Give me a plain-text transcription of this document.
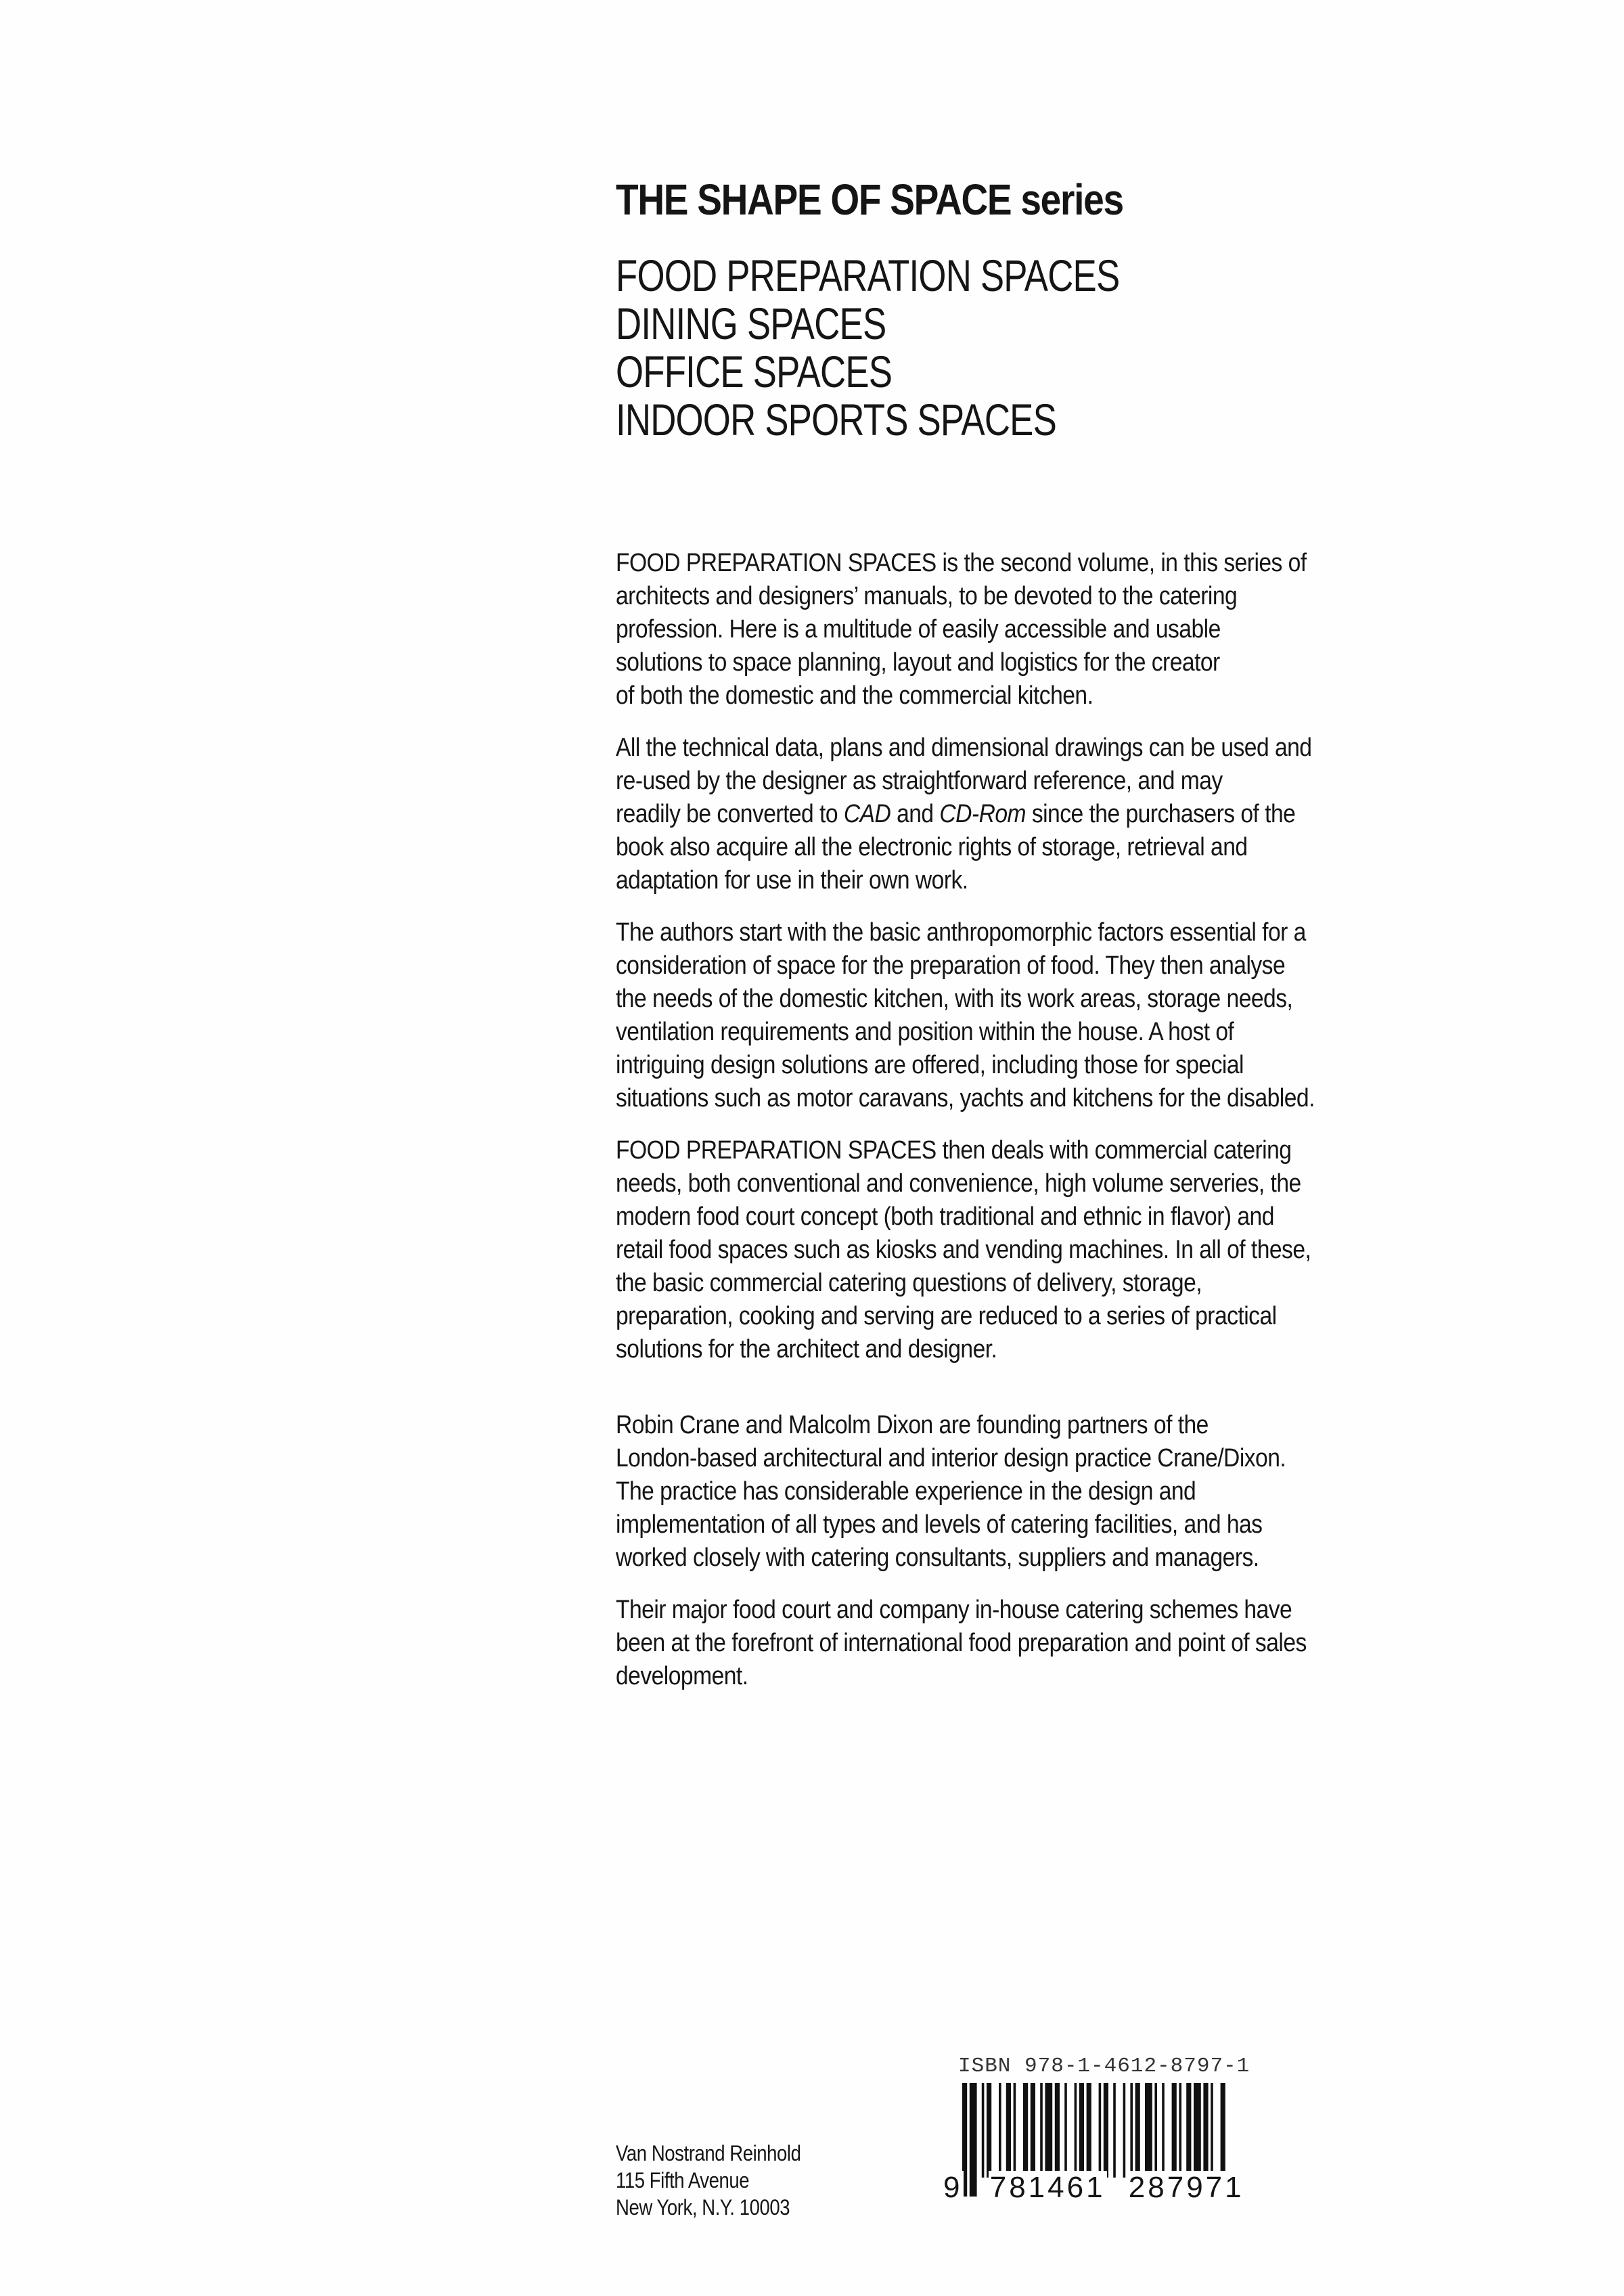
THE SHAPE OF SPACE series
FOOD PREPARATION SPACES
DINING SPACES
OFFICE SPACES
INDOOR SPORTS SPACES

FOOD PREPARATION SPACES is the second volume, in this series of
architects and designers’ manuals, to be devoted to the catering
profession. Here is a multitude of easily accessible and usable
solutions to space planning, layout and logistics for the creator
of both the domestic and the commercial kitchen.

All the technical data, plans and dimensional drawings can be used and
re-used by the designer as straightforward reference, and may
readily be converted to CAD and CD-Rom since the purchasers of the
book also acquire all the electronic rights of storage, retrieval and
adaptation for use in their own work.

The authors start with the basic anthropomorphic factors essential for a
consideration of space for the preparation of food. They then analyse
the needs of the domestic kitchen, with its work areas, storage needs,
ventilation requirements and position within the house. A host of
intriguing design solutions are offered, including those for special
situations such as motor caravans, yachts and kitchens for the disabled.

FOOD PREPARATION SPACES then deals with commercial catering
needs, both conventional and convenience, high volume serveries, the
modern food court concept (both traditional and ethnic in flavor) and
retail food spaces such as kiosks and vending machines. In all of these,
the basic commercial catering questions of delivery, storage,
preparation, cooking and serving are reduced to a series of practical
solutions for the architect and designer.

Robin Crane and Malcolm Dixon are founding partners of the
London-based architectural and interior design practice Crane/Dixon.
The practice has considerable experience in the design and
implementation of all types and levels of catering facilities, and has
worked closely with catering consultants, suppliers and managers.

Their major food court and company in-house catering schemes have
been at the forefront of international food preparation and point of sales
development.

Van Nostrand Reinhold
115 Fifth Avenue
New York, N.Y. 10003
ISBN 978-1-4612-8797-1
9 781461 287971
